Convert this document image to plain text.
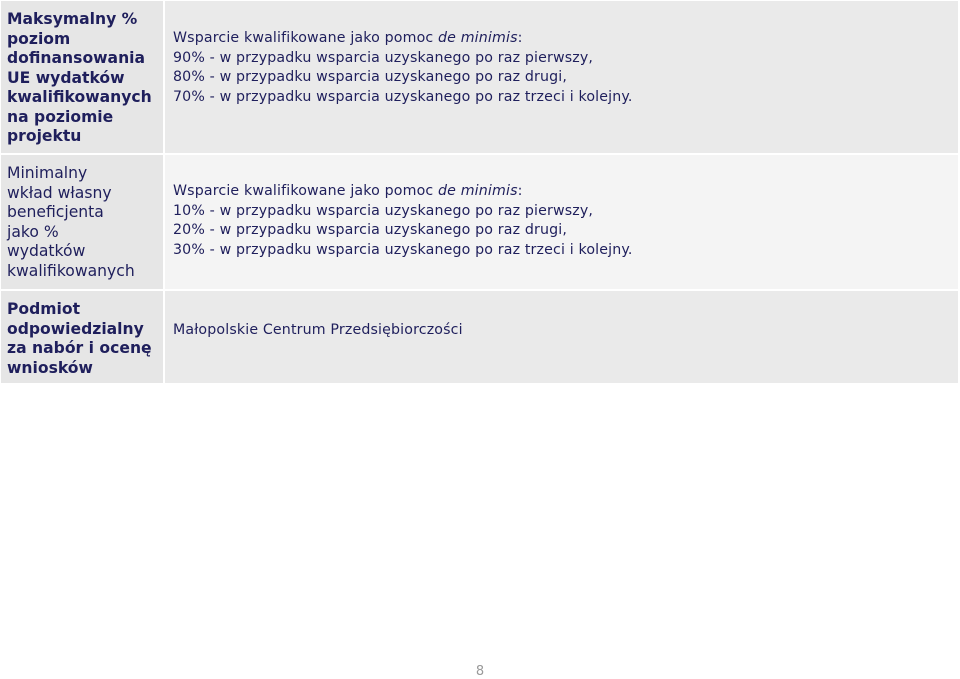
Maksymalny %
poziom
dofinansowania
UE wydatków
kwalifikowanych
na poziomie
projektu
Wsparcie kwalifikowane jako pomoc de minimis:
90% - w przypadku wsparcia uzyskanego po raz pierwszy,
80% - w przypadku wsparcia uzyskanego po raz drugi,
70% - w przypadku wsparcia uzyskanego po raz trzeci i kolejny.
Minimalny
wkład własny
beneficjenta
jako %
wydatków
kwalifikowanych
Wsparcie kwalifikowane jako pomoc de minimis:
10% - w przypadku wsparcia uzyskanego po raz pierwszy,
20% - w przypadku wsparcia uzyskanego po raz drugi,
30% - w przypadku wsparcia uzyskanego po raz trzeci i kolejny.
Podmiot
odpowiedzialny
za nabór i ocenę
wniosków
Małopolskie Centrum Przedsiębiorczości
8
